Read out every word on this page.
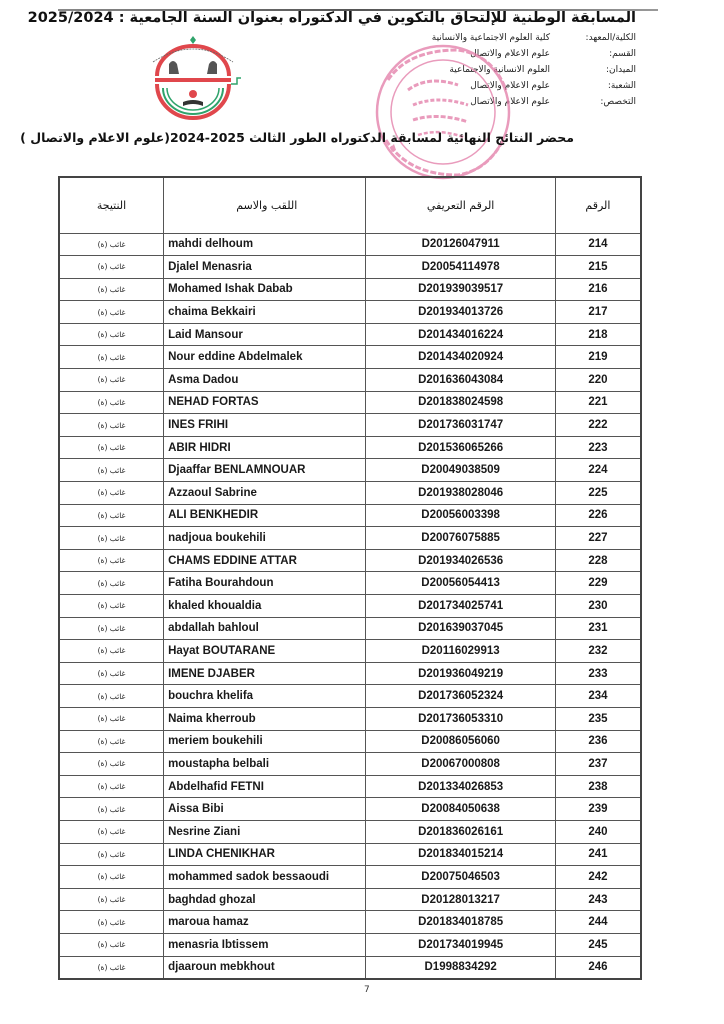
المسابقة الوطنية للإلتحاق بالتكوين في الدكتوراه بعنوان السنة الجامعية : 2025/2024
الكلية/المعهد:
كلية العلوم الاجتماعية والانسانية
القسم:
علوم الاعلام والاتصال
الميدان:
العلوم الانسانية والاجتماعية
الشعبة:
علوم الاعلام والاتصال
التخصص:
علوم الاعلام والاتصال
محضر النتائج النهائية لمسابقة الدكتوراه الطور الثالث 2025-2024(علوم الاعلام والاتصال )
النتيجة	اللقب والاسم	الرقم التعريفي	الرقم
غائب (ة)	mahdi delhoum	D20126047911	214
غائب (ة)	Djalel Menasria	D20054114978	215
غائب (ة)	Mohamed Ishak Dabab	D201939039517	216
غائب (ة)	chaima Bekkairi	D201934013726	217
غائب (ة)	Laid Mansour	D201434016224	218
غائب (ة)	Nour eddine Abdelmalek	D201434020924	219
غائب (ة)	Asma Dadou	D201636043084	220
غائب (ة)	NEHAD FORTAS	D201838024598	221
غائب (ة)	INES FRIHI	D201736031747	222
غائب (ة)	ABIR HIDRI	D201536065266	223
غائب (ة)	Djaaffar BENLAMNOUAR	D20049038509	224
غائب (ة)	Azzaoul Sabrine	D201938028046	225
غائب (ة)	ALI BENKHEDIR	D20056003398	226
غائب (ة)	nadjoua boukehili	D20076075885	227
غائب (ة)	CHAMS EDDINE ATTAR	D201934026536	228
غائب (ة)	Fatiha Bourahdoun	D20056054413	229
غائب (ة)	khaled khoualdia	D201734025741	230
غائب (ة)	abdallah bahloul	D201639037045	231
غائب (ة)	Hayat BOUTARANE	D20116029913	232
غائب (ة)	IMENE DJABER	D201936049219	233
غائب (ة)	bouchra khelifa	D201736052324	234
غائب (ة)	Naima kherroub	D201736053310	235
غائب (ة)	meriem boukehili	D20086056060	236
غائب (ة)	moustapha belbali	D20067000808	237
غائب (ة)	Abdelhafid FETNI	D201334026853	238
غائب (ة)	Aissa Bibi	D20084050638	239
غائب (ة)	Nesrine Ziani	D201836026161	240
غائب (ة)	LINDA CHENIKHAR	D201834015214	241
غائب (ة)	mohammed sadok bessaoudi	D20075046503	242
غائب (ة)	baghdad ghozal	D20128013217	243
غائب (ة)	maroua hamaz	D201834018785	244
غائب (ة)	menasria Ibtissem	D201734019945	245
غائب (ة)	djaaroun mebkhout	D1998834292	246
7
